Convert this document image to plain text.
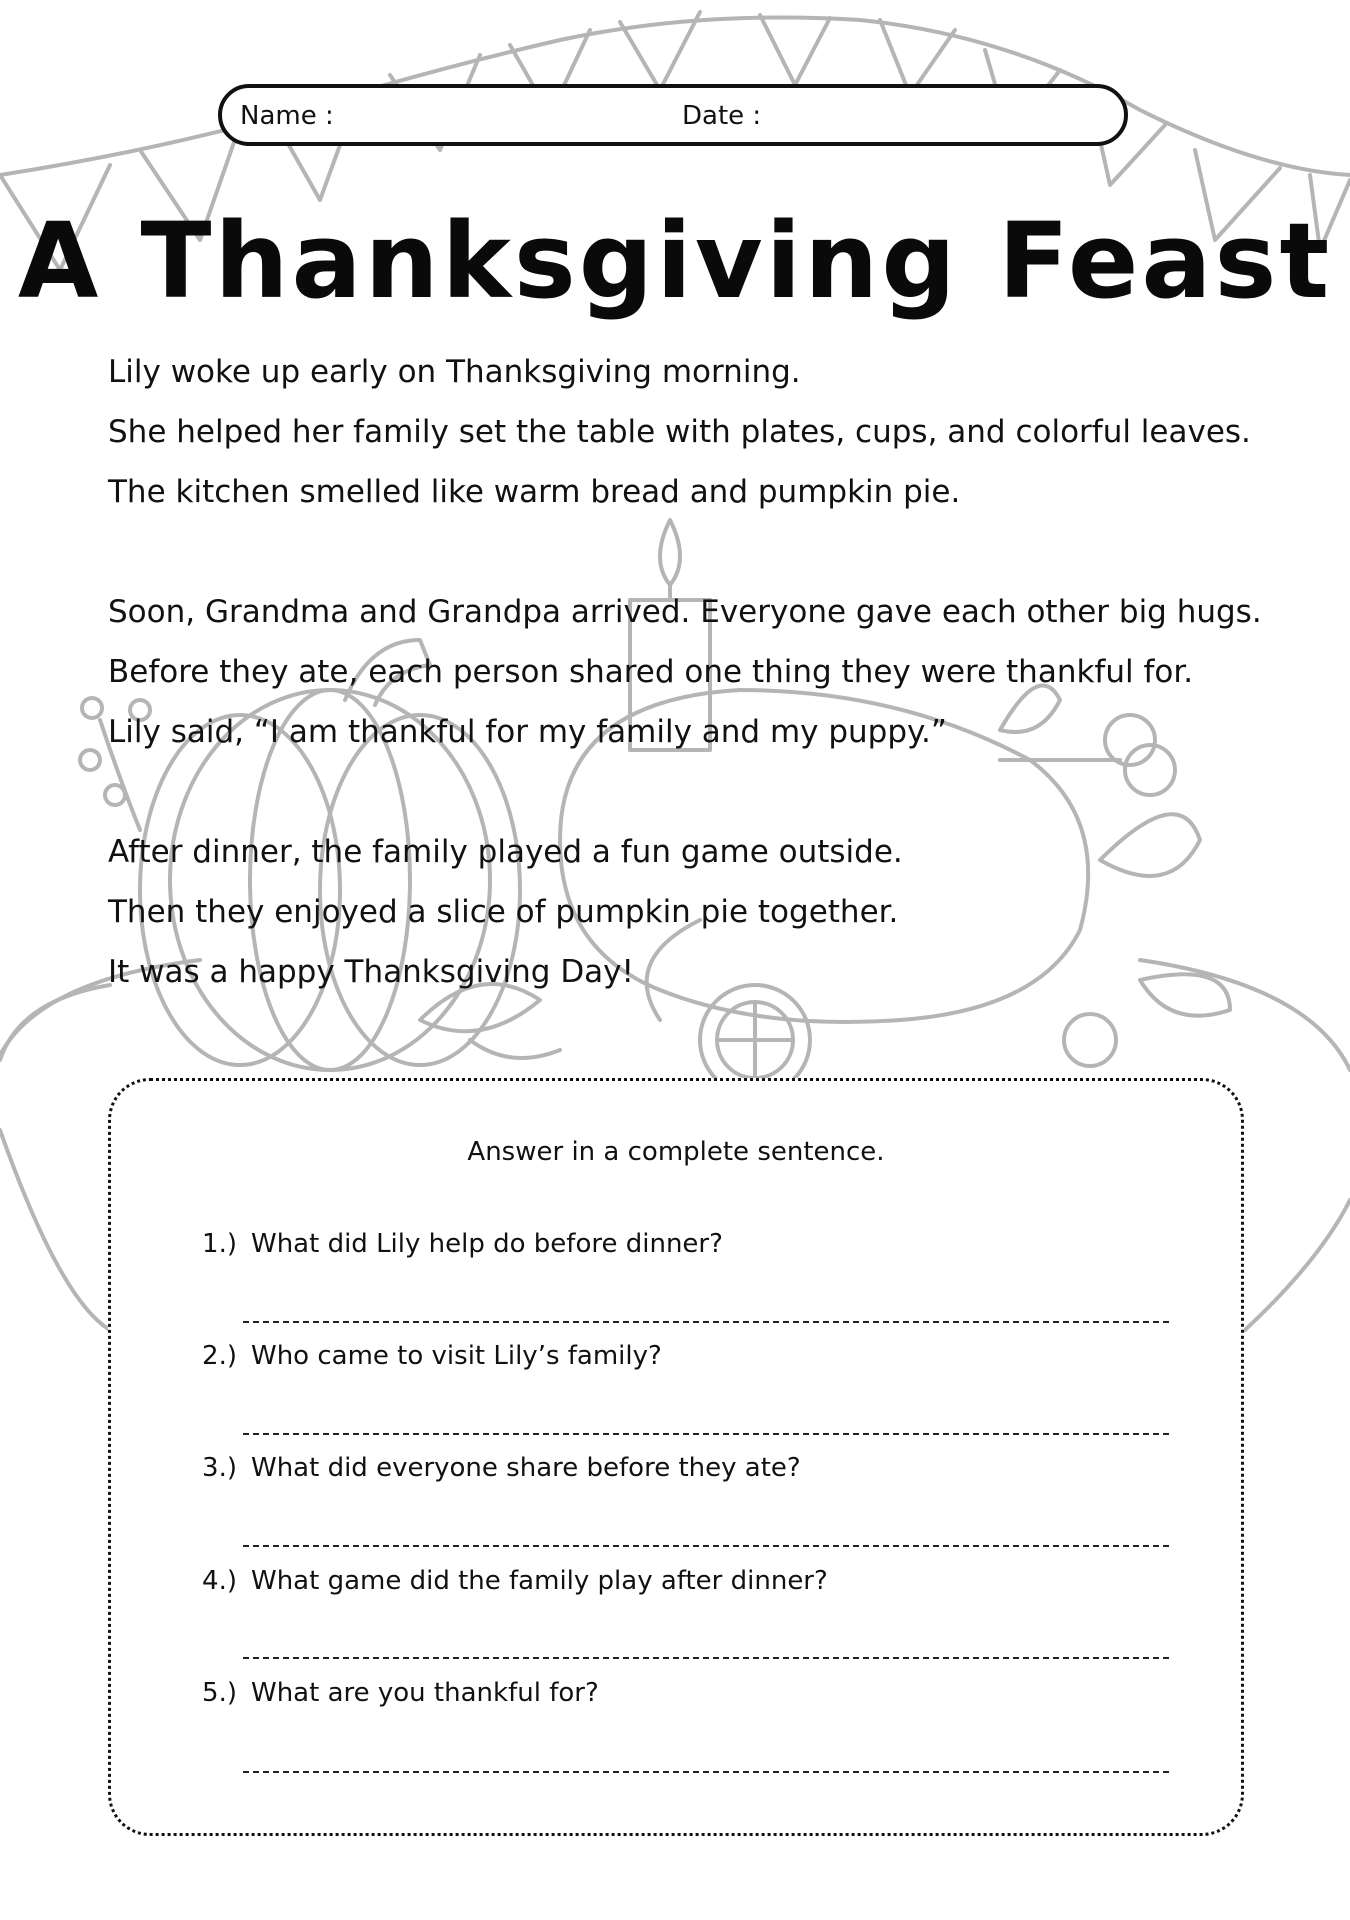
Name :	Date :
A Thanksgiving Feast

Lily woke up early on Thanksgiving morning.

She helped her family set the table with plates, cups, and colorful leaves.

The kitchen smelled like warm bread and pumpkin pie.

Soon, Grandma and Grandpa arrived. Everyone gave each other big hugs.

Before they ate, each person shared one thing they were thankful for.

Lily said, “I am thankful for my family and my puppy.”

After dinner, the family played a fun game outside.

Then they enjoyed a slice of pumpkin pie together.

It was a happy Thanksgiving Day!

Answer in a complete sentence.
1.) What did Lily help do before dinner?
2.) Who came to visit Lily’s family?
3.) What did everyone share before they ate?
4.) What game did the family play after dinner?
5.) What are you thankful for?
